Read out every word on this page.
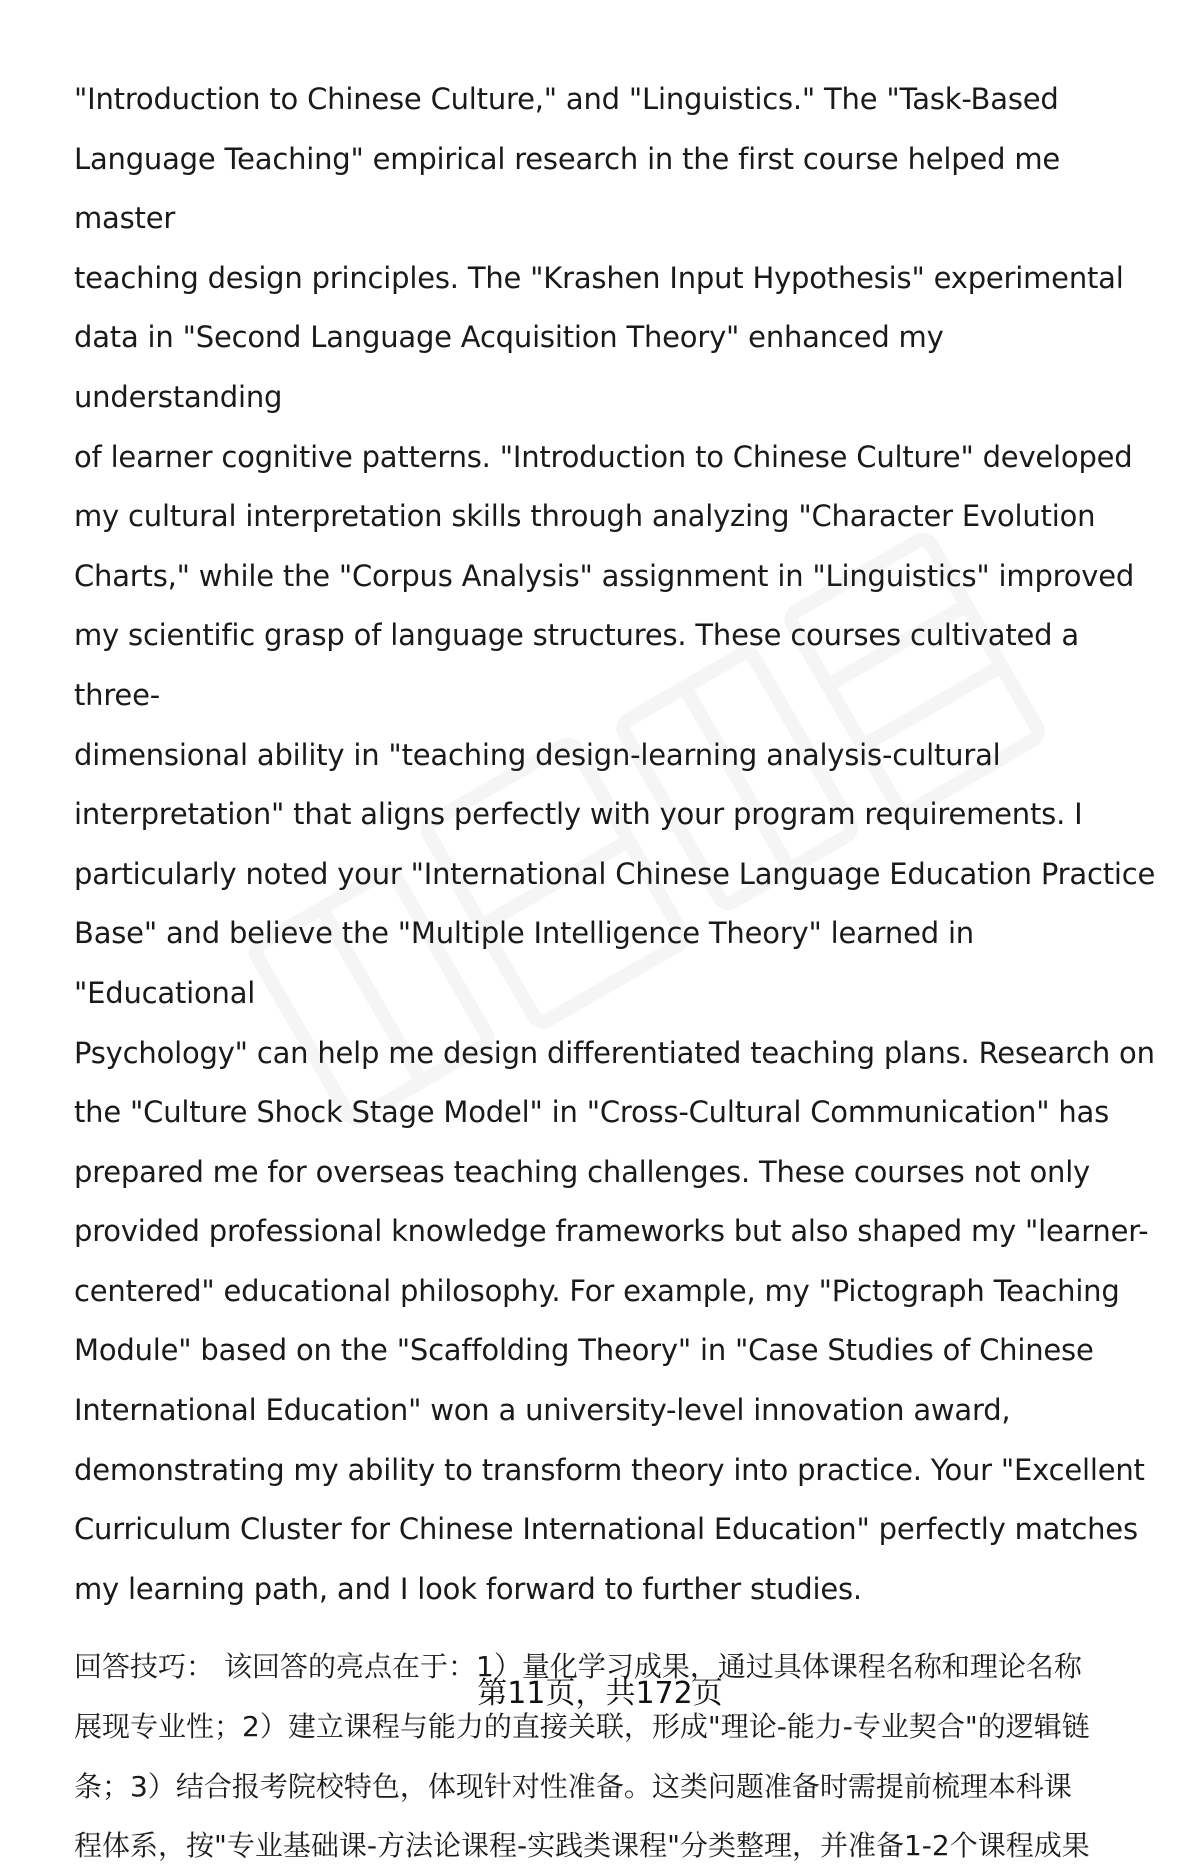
"Introduction to Chinese Culture," and "Linguistics." The "Task-Based
Language Teaching" empirical research in the first course helped me master
teaching design principles. The "Krashen Input Hypothesis" experimental
data in "Second Language Acquisition Theory" enhanced my understanding
of learner cognitive patterns. "Introduction to Chinese Culture" developed
my cultural interpretation skills through analyzing "Character Evolution
Charts," while the "Corpus Analysis" assignment in "Linguistics" improved
my scientific grasp of language structures. These courses cultivated a three-
dimensional ability in "teaching design-learning analysis-cultural
interpretation" that aligns perfectly with your program requirements. I
particularly noted your "International Chinese Language Education Practice
Base" and believe the "Multiple Intelligence Theory" learned in "Educational
Psychology" can help me design differentiated teaching plans. Research on
the "Culture Shock Stage Model" in "Cross-Cultural Communication" has
prepared me for overseas teaching challenges. These courses not only
provided professional knowledge frameworks but also shaped my "learner-
centered" educational philosophy. For example, my "Pictograph Teaching
Module" based on the "Scaffolding Theory" in "Case Studies of Chinese
International Education" won a university-level innovation award,
demonstrating my ability to transform theory into practice. Your "Excellent
Curriculum Cluster for Chinese International Education" perfectly matches
my learning path, and I look forward to further studies.

回答技巧： 该回答的亮点在于：1）量化学习成果，通过具体课程名称和理论名称
展现专业性；2）建立课程与能力的直接关联，形成"理论-能力-专业契合"的逻辑链
条；3）结合报考院校特色，体现针对性准备。这类问题准备时需提前梳理本科课
程体系，按"专业基础课-方法论课程-实践类课程"分类整理，并准备1-2个课程成果
第11页，共172页
